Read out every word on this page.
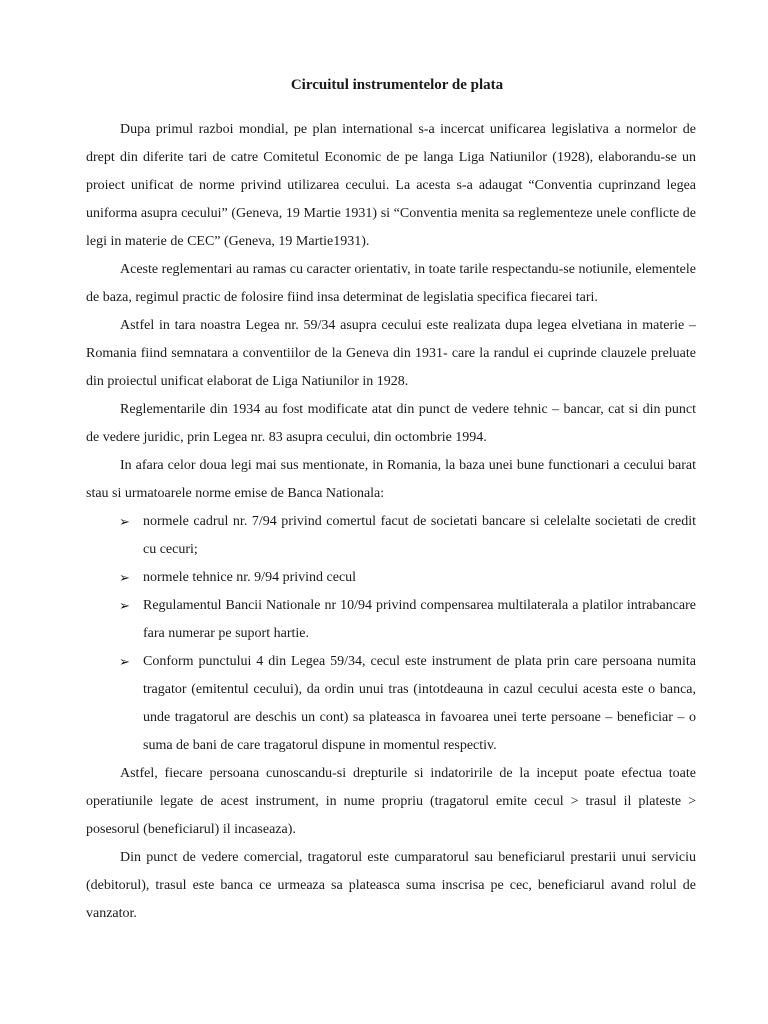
Circuitul instrumentelor de plata

Dupa primul razboi mondial, pe plan international s-a incercat unificarea legislativa a normelor de drept din diferite tari de catre Comitetul Economic de pe langa Liga Natiunilor (1928), elaborandu-se un proiect unificat de norme privind utilizarea cecului. La acesta s-a adaugat “Conventia cuprinzand legea uniforma asupra cecului” (Geneva, 19 Martie 1931) si “Conventia menita sa reglementeze unele conflicte de legi in materie de CEC” (Geneva, 19 Martie1931).

Aceste reglementari au ramas cu caracter orientativ, in toate tarile respectandu-se notiunile, elementele de baza, regimul practic de folosire fiind insa determinat de legislatia specifica fiecarei tari.

Astfel in tara noastra Legea nr. 59/34 asupra cecului este realizata dupa legea elvetiana in materie – Romania fiind semnatara a conventiilor de la Geneva din 1931- care la randul ei cuprinde clauzele preluate din proiectul unificat elaborat de Liga Natiunilor in 1928.

Reglementarile din 1934 au fost modificate atat din punct de vedere tehnic – bancar, cat si din punct de vedere juridic, prin Legea nr. 83 asupra cecului, din octombrie 1994.

In afara celor doua legi mai sus mentionate, in Romania, la baza unei bune functionari a cecului barat stau si urmatoarele norme emise de Banca Nationala:

➢ normele cadrul nr. 7/94 privind comertul facut de societati bancare si celelalte societati de credit cu cecuri;
➢ normele tehnice nr. 9/94 privind cecul
➢ Regulamentul Bancii Nationale nr 10/94 privind compensarea multilaterala a platilor intrabancare fara numerar pe suport hartie.
➢ Conform punctului 4 din Legea 59/34, cecul este instrument de plata prin care persoana numita tragator (emitentul cecului), da ordin unui tras (intotdeauna in cazul cecului acesta este o banca, unde tragatorul are deschis un cont) sa plateasca in favoarea unei terte persoane – beneficiar – o suma de bani de care tragatorul dispune in momentul respectiv.

Astfel, fiecare persoana cunoscandu-si drepturile si indatoririle de la inceput poate efectua toate operatiunile legate de acest instrument, in nume propriu (tragatorul emite cecul > trasul il plateste > posesorul (beneficiarul) il incaseaza).

Din punct de vedere comercial, tragatorul este cumparatorul sau beneficiarul prestarii unui serviciu (debitorul), trasul este banca ce urmeaza sa plateasca suma inscrisa pe cec, beneficiarul avand rolul de vanzator.
